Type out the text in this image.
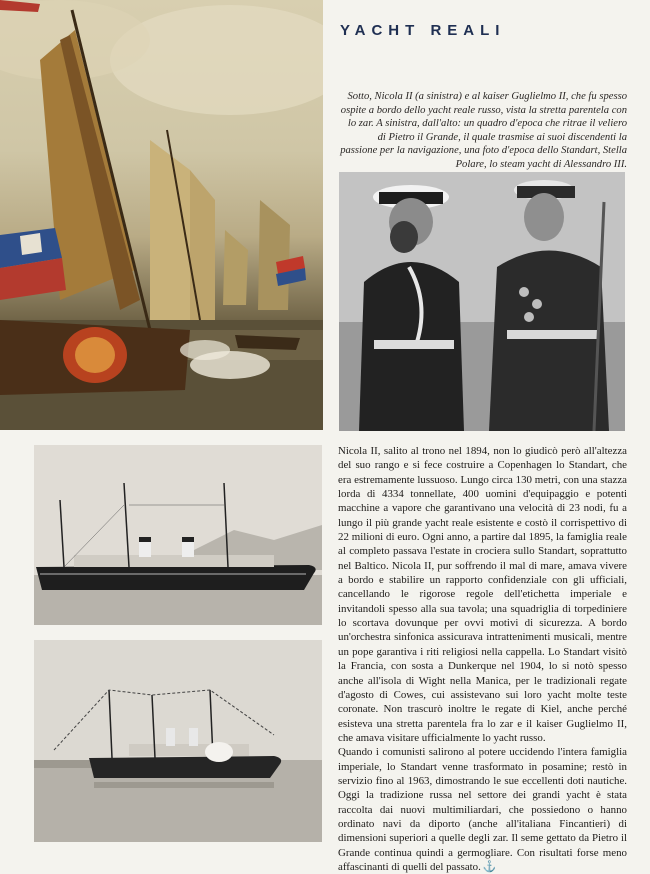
YACHT REALI

Sotto, Nicola II (a sinistra) e al kaiser Guglielmo II, che fu spesso ospite a bordo dello yacht reale russo, vista la stretta parentela con lo zar. A sinistra, dall'alto: un quadro d'epoca che ritrae il veliero di Pietro il Grande, il quale trasmise ai suoi discendenti la passione per la navigazione, una foto d'epoca dello Standart, Stella Polare, lo steam yacht di Alessandro III.

Nicola II, salito al trono nel 1894, non lo giudicò però all'altezza del suo rango e si fece costruire a Copenhagen lo Standart, che era estremamente lussuoso. Lungo circa 130 metri, con una stazza lorda di 4334 tonnellate, 400 uomini d'equipaggio e potenti macchine a vapore che garantivano una velocità di 23 nodi, fu a lungo il più grande yacht reale esistente e costò il corrispettivo di 22 milioni di euro. Ogni anno, a partire dal 1895, la famiglia reale al completo passava l'estate in crociera sullo Standart, soprattutto nel Baltico. Nicola II, pur soffrendo il mal di mare, amava vivere a bordo e stabilire un rapporto confidenziale con gli ufficiali, cancellando le rigorose regole dell'etichetta imperiale e invitandoli spesso alla sua tavola; una squadriglia di torpediniere lo scortava dovunque per ovvi motivi di sicurezza. A bordo un'orchestra sinfonica assicurava intrattenimenti musicali, mentre un pope garantiva i riti religiosi nella cappella. Lo Standart visitò la Francia, con sosta a Dunkerque nel 1904, lo si notò spesso anche all'isola di Wight nella Manica, per le tradizionali regate d'agosto di Cowes, cui assistevano sui loro yacht molte teste coronate. Non trascurò inoltre le regate di Kiel, anche perché esisteva una stretta parentela fra lo zar e il kaiser Guglielmo II, che amava visitare ufficialmente lo yacht russo.

Quando i comunisti salirono al potere uccidendo l'intera famiglia imperiale, lo Standart venne trasformato in posamine; restò in servizio fino al 1963, dimostrando le sue eccellenti doti nautiche. Oggi la tradizione russa nel settore dei grandi yacht è stata raccolta dai nuovi multimiliardari, che possiedono o hanno ordinato navi da diporto (anche all'italiana Fincantieri) di dimensioni superiori a quelle degli zar. Il seme gettato da Pietro il Grande continua quindi a germogliare. Con risultati forse meno affascinanti di quelli del passato. ⚓
